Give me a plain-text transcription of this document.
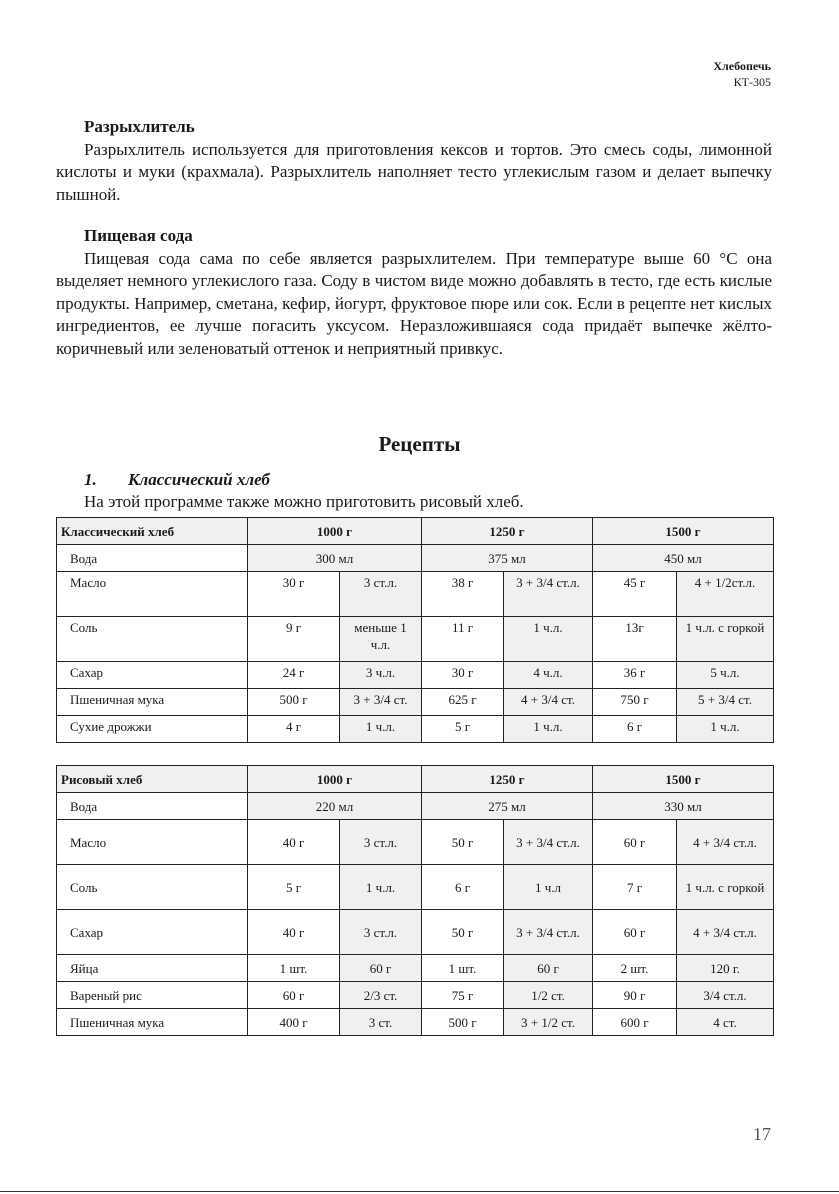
Хлебопечь
КТ-305
Разрыхлитель

Разрыхлитель используется для приготовления кексов и тортов. Это смесь соды, лимонной кислоты и муки (крахмала). Разрыхлитель наполняет тесто углекислым газом и делает выпечку пышной.

Пищевая сода

Пищевая сода сама по себе является разрыхлителем. При температуре выше 60 °С она выделяет немного углекислого газа. Соду в чистом виде можно добавлять в тесто, где есть кислые продукты. Например, сметана, кефир, йогурт, фруктовое пюре или сок. Если в рецепте нет кислых ингредиентов, ее лучше погасить уксусом. Неразложившаяся сода придаёт выпечке жёлто-коричневый или зеленоватый оттенок и неприятный привкус.

Рецепты
1. Классический хлеб
На этой программе также можно приготовить рисовый хлеб.
Классический хлеб	1000 г		1250 г		1500 г	
Вода	300 мл		375 мл		450 мл	
Масло	30 г	3 ст.л.	38 г	3 + 3/4 ст.л.	45 г	4 + 1/2ст.л.
Соль	9 г	меньше 1 ч.л.	11 г	1 ч.л.	13г	1 ч.л. с горкой
Сахар	24 г	3 ч.л.	30 г	4 ч.л.	36 г	5 ч.л.
Пшеничная мука	500 г	3 + 3/4 ст.	625 г	4 + 3/4 ст.	750 г	5 + 3/4 ст.
Сухие дрожжи	4 г	1 ч.л.	5 г	1 ч.л.	6 г	1 ч.л.
Рисовый хлеб	1000 г		1250 г		1500 г	
Вода	220 мл		275 мл		330 мл	
Масло	40 г	3 ст.л.	50 г	3 + 3/4 ст.л.	60 г	4 + 3/4 ст.л.
Соль	5 г	1 ч.л.	6 г	1 ч.л	7 г	1 ч.л. с горкой
Сахар	40 г	3 ст.л.	50 г	3 + 3/4 ст.л.	60 г	4 + 3/4 ст.л.
Яйца	1 шт.	60 г	1 шт.	60 г	2 шт.	120 г.
Вареный рис	60 г	2/3 ст.	75 г	1/2 ст.	90 г	3/4 ст.л.
Пшеничная мука	400 г	3 ст.	500 г	3 + 1/2 ст.	600 г	4 ст.
17
